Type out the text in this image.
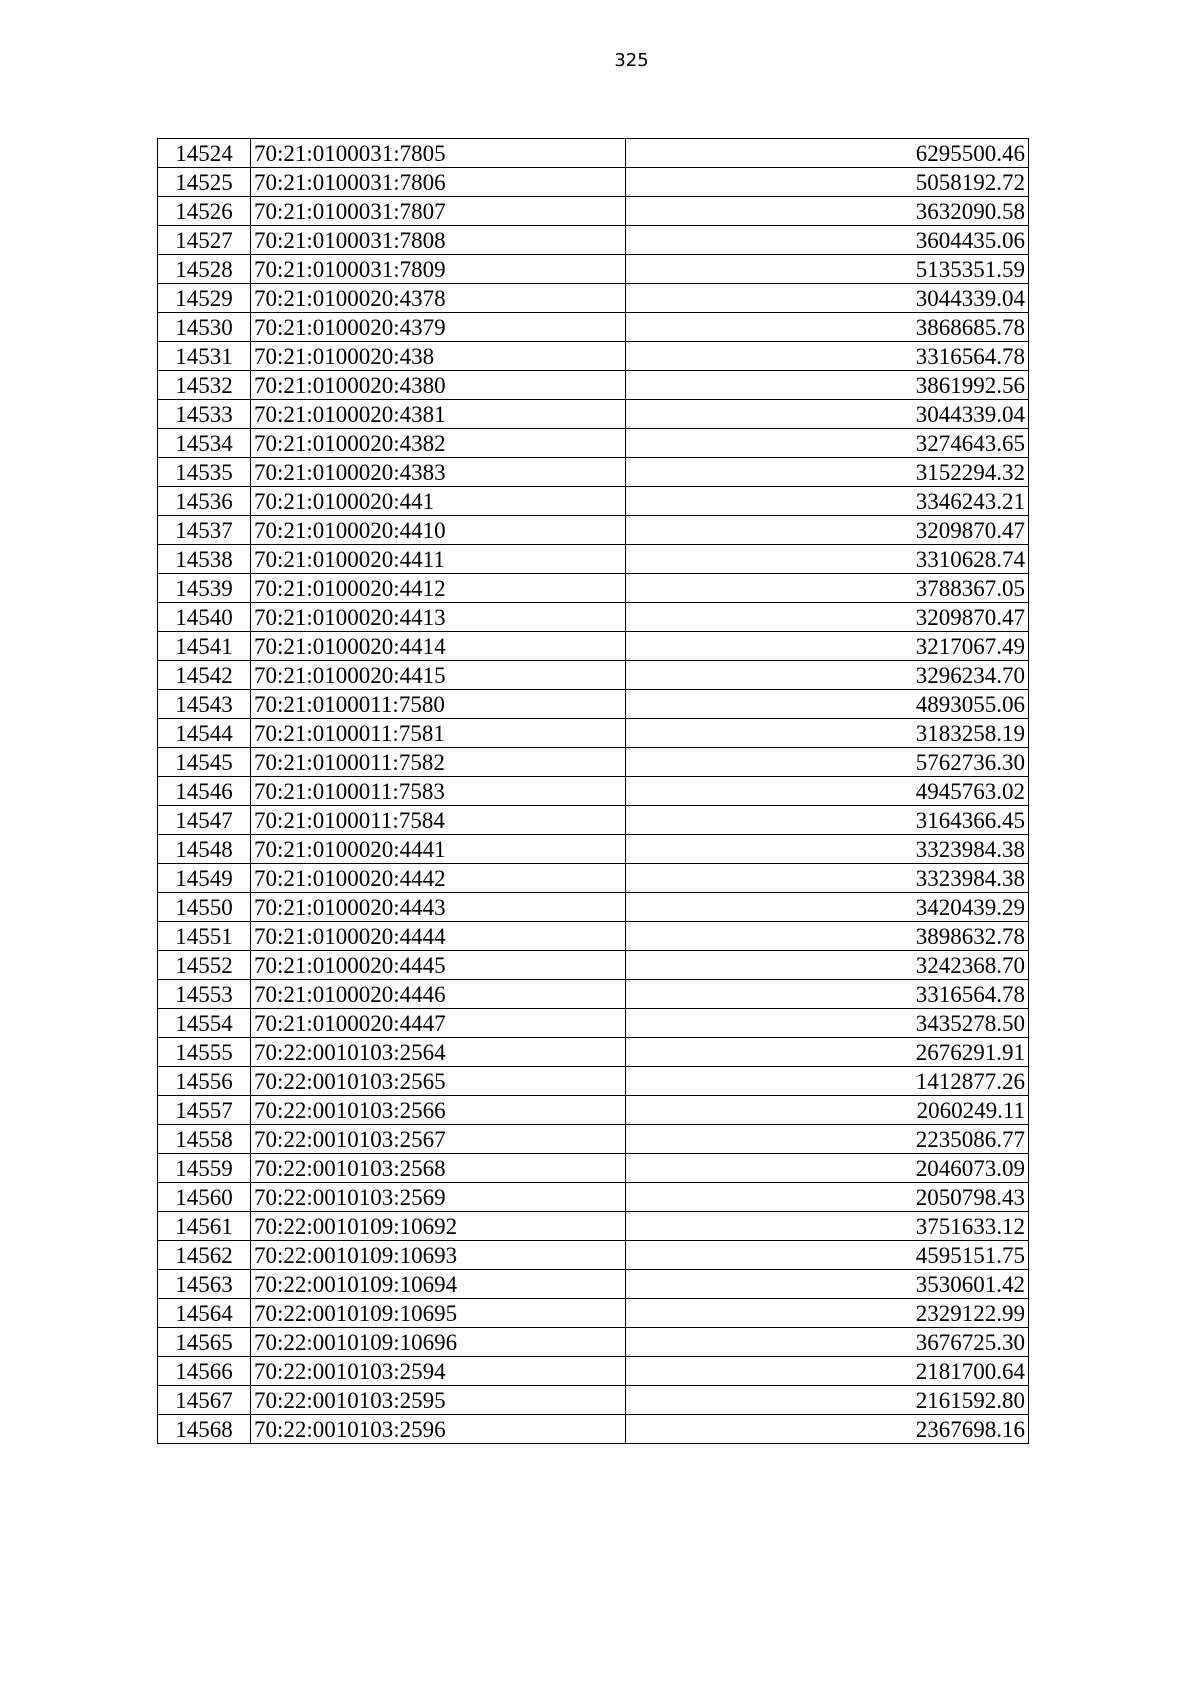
325
14524	70:21:0100031:7805	6295500.46
14525	70:21:0100031:7806	5058192.72
14526	70:21:0100031:7807	3632090.58
14527	70:21:0100031:7808	3604435.06
14528	70:21:0100031:7809	5135351.59
14529	70:21:0100020:4378	3044339.04
14530	70:21:0100020:4379	3868685.78
14531	70:21:0100020:438	3316564.78
14532	70:21:0100020:4380	3861992.56
14533	70:21:0100020:4381	3044339.04
14534	70:21:0100020:4382	3274643.65
14535	70:21:0100020:4383	3152294.32
14536	70:21:0100020:441	3346243.21
14537	70:21:0100020:4410	3209870.47
14538	70:21:0100020:4411	3310628.74
14539	70:21:0100020:4412	3788367.05
14540	70:21:0100020:4413	3209870.47
14541	70:21:0100020:4414	3217067.49
14542	70:21:0100020:4415	3296234.70
14543	70:21:0100011:7580	4893055.06
14544	70:21:0100011:7581	3183258.19
14545	70:21:0100011:7582	5762736.30
14546	70:21:0100011:7583	4945763.02
14547	70:21:0100011:7584	3164366.45
14548	70:21:0100020:4441	3323984.38
14549	70:21:0100020:4442	3323984.38
14550	70:21:0100020:4443	3420439.29
14551	70:21:0100020:4444	3898632.78
14552	70:21:0100020:4445	3242368.70
14553	70:21:0100020:4446	3316564.78
14554	70:21:0100020:4447	3435278.50
14555	70:22:0010103:2564	2676291.91
14556	70:22:0010103:2565	1412877.26
14557	70:22:0010103:2566	2060249.11
14558	70:22:0010103:2567	2235086.77
14559	70:22:0010103:2568	2046073.09
14560	70:22:0010103:2569	2050798.43
14561	70:22:0010109:10692	3751633.12
14562	70:22:0010109:10693	4595151.75
14563	70:22:0010109:10694	3530601.42
14564	70:22:0010109:10695	2329122.99
14565	70:22:0010109:10696	3676725.30
14566	70:22:0010103:2594	2181700.64
14567	70:22:0010103:2595	2161592.80
14568	70:22:0010103:2596	2367698.16
